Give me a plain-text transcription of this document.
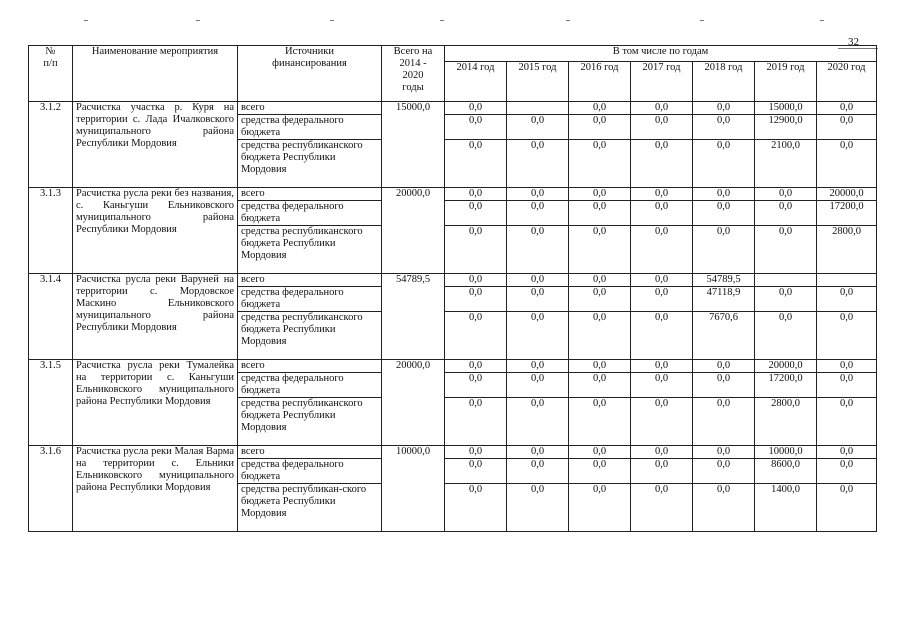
32
№
п/п	Наименование мероприятия	Источники
финансирования	Всего на
2014 -
2020
годы	В том числе по годам						
				2014 год	2015 год	2016 год	2017 год	2018 год	2019 год	2020 год
3.1.2	Расчистка участка р. Куря на территории с. Лада Ичалковского муниципального района Республики Мордовия	всего	15000,0	0,0		0,0	0,0	0,0	15000,0	0,0
		средства федерального бюджета		0,0	0,0	0,0	0,0	0,0	12900,0	0,0
		средства республиканского бюджета Республики Мордовия		0,0	0,0	0,0	0,0	0,0	2100,0	0,0
3.1.3	Расчистка русла реки без названия, с. Каньгуши Ельниковского муниципального района Республики Мордовия	всего	20000,0	0,0	0,0	0,0	0,0	0,0	0,0	20000,0
		средства федерального бюджета		0,0	0,0	0,0	0,0	0,0	0,0	17200,0
		средства республиканского бюджета Республики Мордовия		0,0	0,0	0,0	0,0	0,0	0,0	2800,0
3.1.4	Расчистка русла реки Варуней на территории с. Мордовское Маскино Ельниковского муниципального района Республики Мордовия	всего	54789,5	0,0	0,0	0,0	0,0	54789,5		
		средства федерального бюджета		0,0	0,0	0,0	0,0	47118,9	0,0	0,0
		средства республиканского бюджета Республики Мордовия		0,0	0,0	0,0	0,0	7670,6	0,0	0,0
3.1.5	Расчистка русла реки Тумалейка на территории с. Каньгуши Ельниковского муниципального района Республики Мордовия	всего	20000,0	0,0	0,0	0,0	0,0	0,0	20000,0	0,0
		средства федерального бюджета		0,0	0,0	0,0	0,0	0,0	17200,0	0,0
		средства республиканского бюджета Республики Мордовия		0,0	0,0	0,0	0,0	0,0	2800,0	0,0
3.1.6	Расчистка русла реки Малая Варма на территории с. Ельники Ельниковского муниципального района Республики Мордовия	всего	10000,0	0,0	0,0	0,0	0,0	0,0	10000,0	0,0
		средства федерального бюджета		0,0	0,0	0,0	0,0	0,0	8600,0	0,0
		средства республикан-ского бюджета Республики Мордовия		0,0	0,0	0,0	0,0	0,0	1400,0	0,0
